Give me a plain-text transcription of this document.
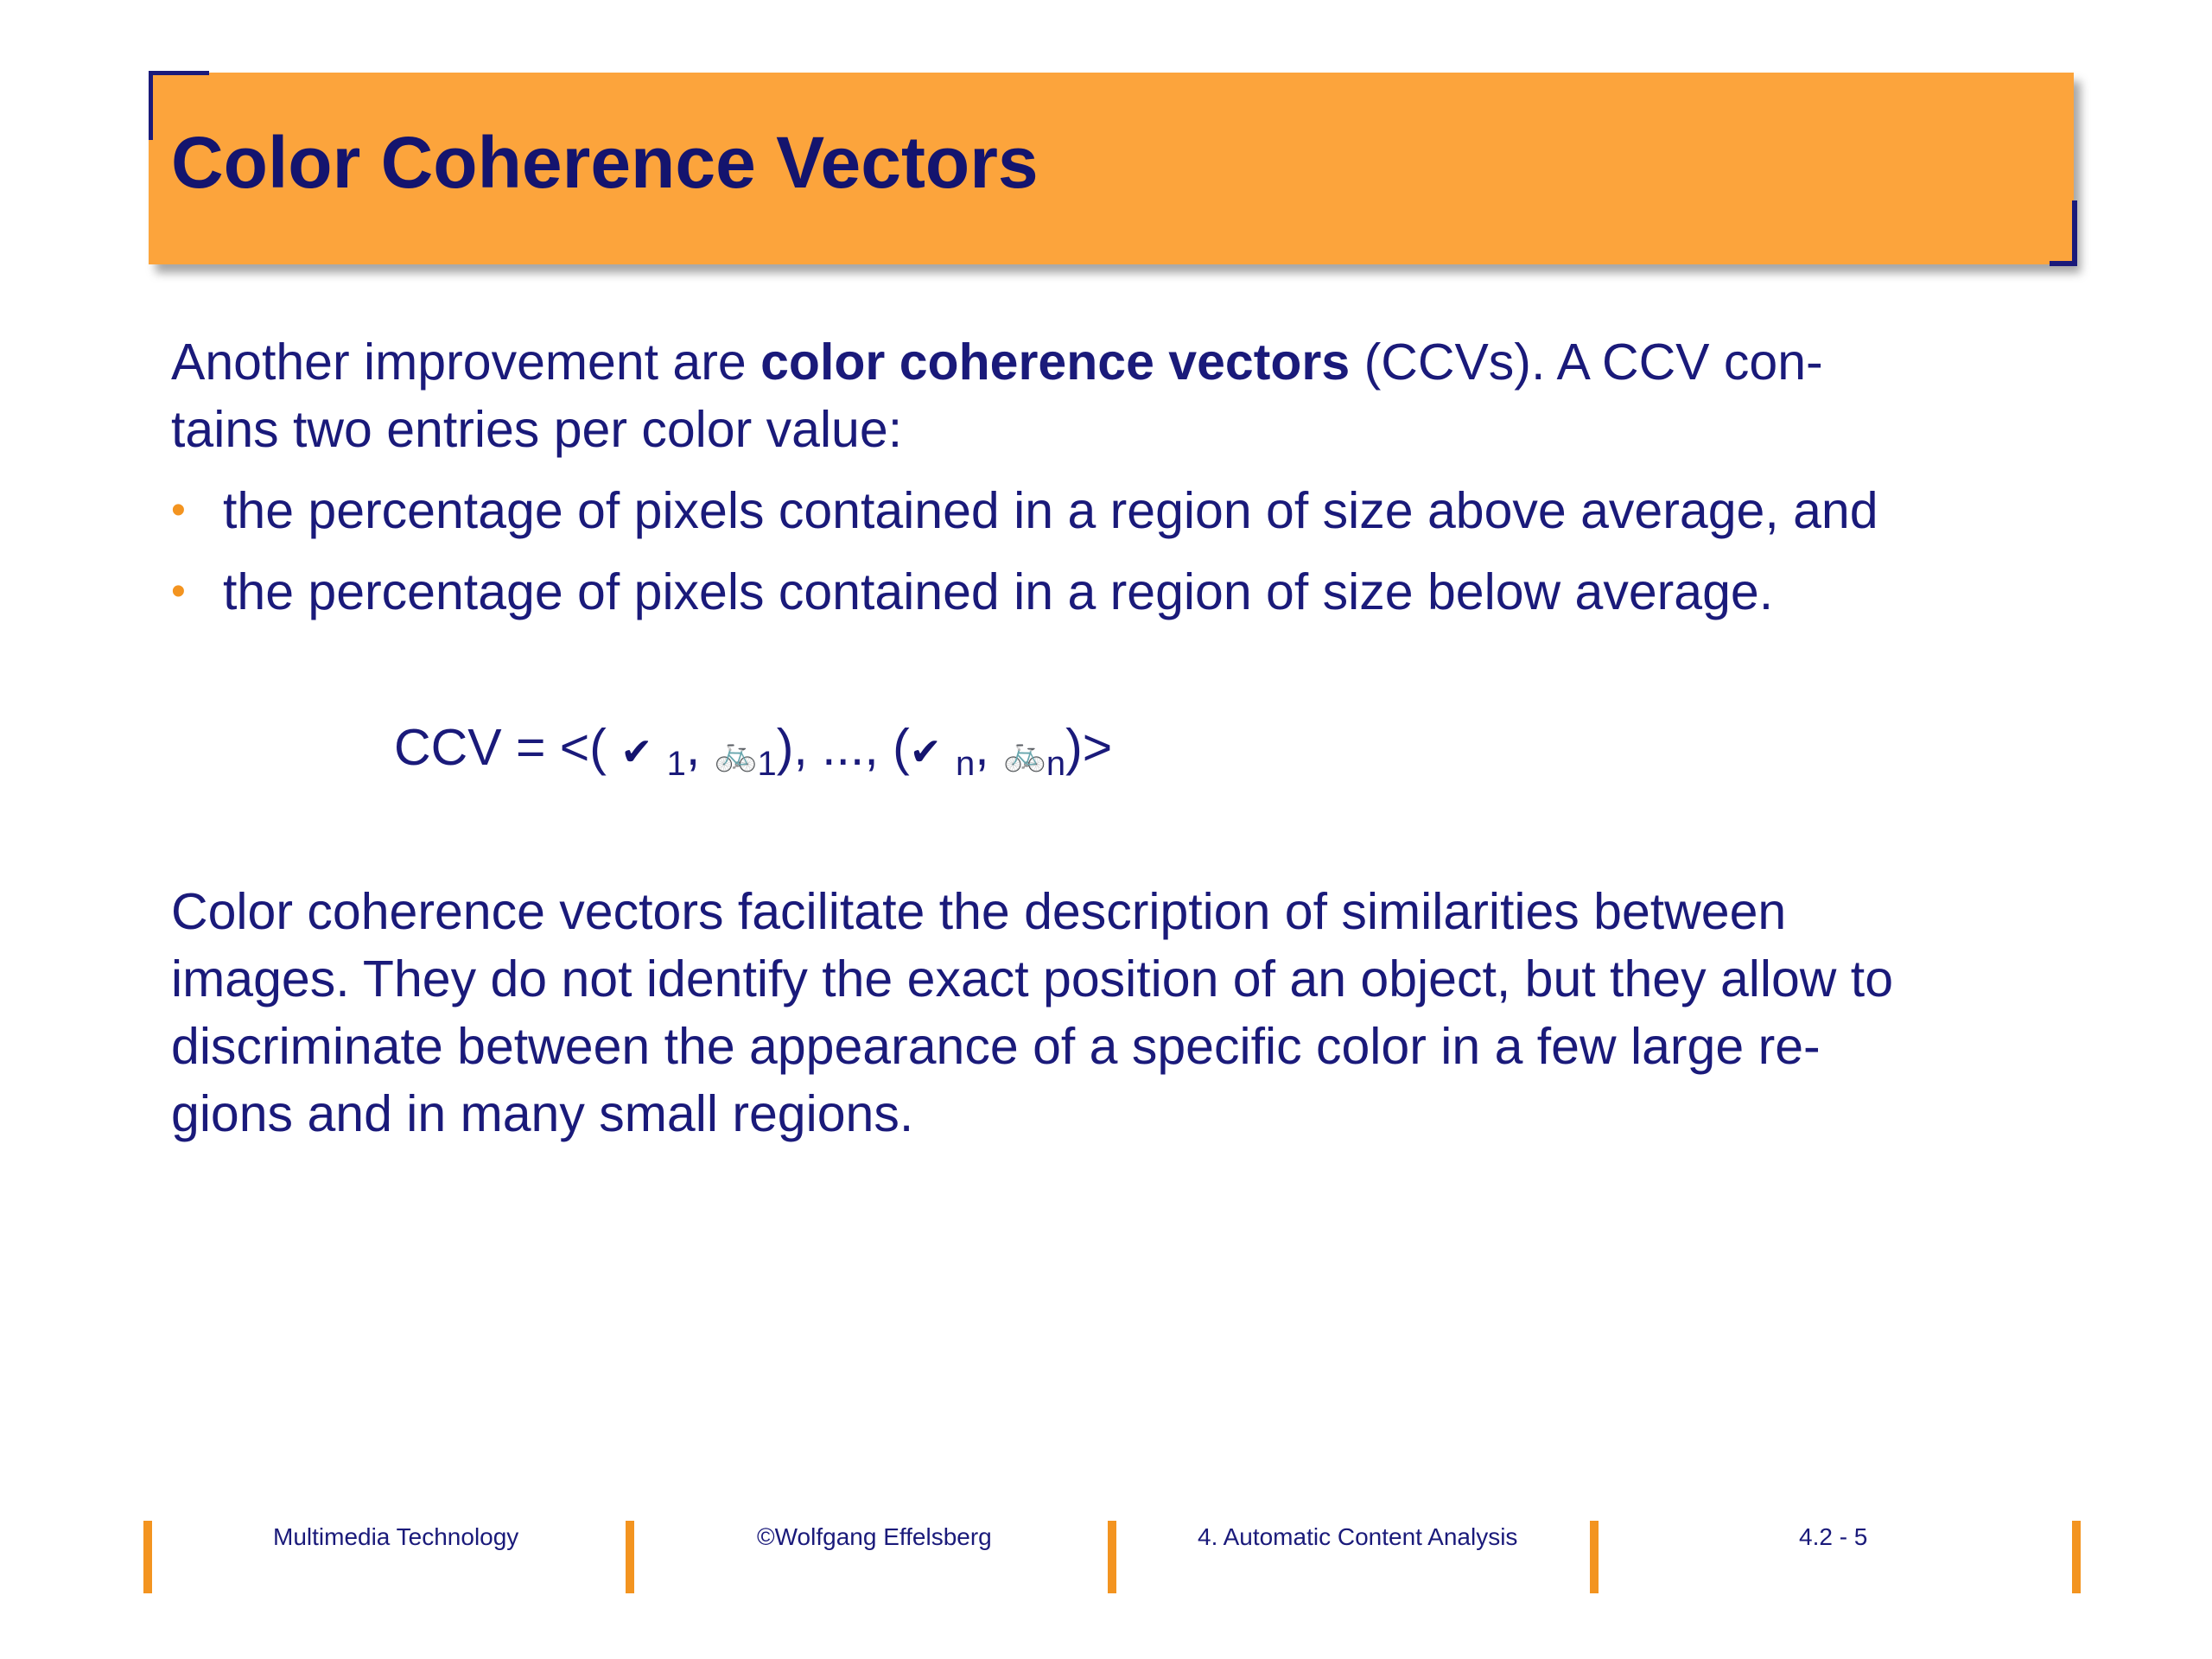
Color Coherence Vectors
Another improvement are color coherence vectors (CCVs). A CCV con-
tains two entries per color value:
• the percentage of pixels contained in a region of size above average, and
• the percentage of pixels contained in a region of size below average.
CCV = <( ✔ $_1$, $🚲_1$), ..., (✔ $_n$, $🚲_n)>$
Color coherence vectors facilitate the description of similarities between
images. They do not identify the exact position of an object, but they allow to
discriminate between the appearance of a specific color in a few large re-
gions and in many small regions.
Multimedia Technology	©Wolfgang Effelsberg	4. Automatic Content Analysis	4.2 - 5
